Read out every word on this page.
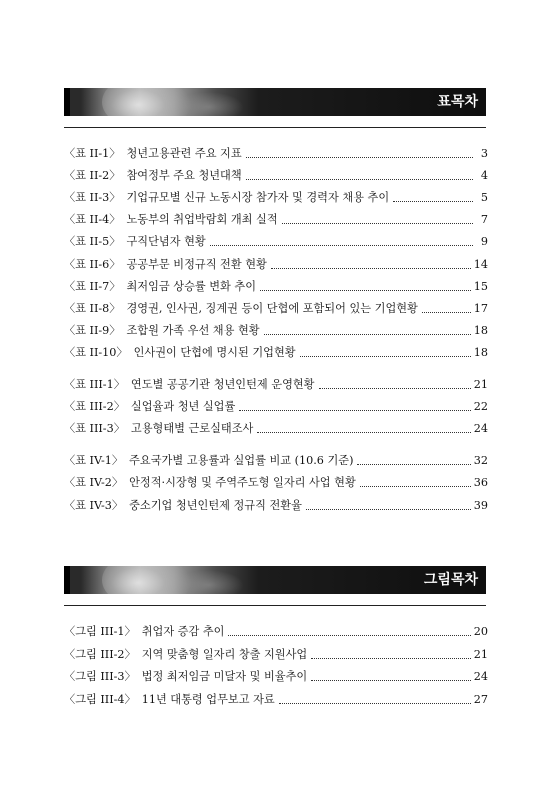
표목차
〈표 II-1〉 청년고용관련 주요 지표	3
〈표 II-2〉 참여정부 주요 청년대책	4
〈표 II-3〉 기업규모별 신규 노동시장 참가자 및 경력자 채용 추이	5
〈표 II-4〉 노동부의 취업박람회 개최 실적	7
〈표 II-5〉 구직단념자 현황	9
〈표 II-6〉 공공부문 비정규직 전환 현황	14
〈표 II-7〉 최저임금 상승률 변화 추이	15
〈표 II-8〉 경영권, 인사권, 징계권 등이 단협에 포함되어 있는 기업현황	17
〈표 II-9〉 조합원 가족 우선 채용 현황	18
〈표 II-10〉 인사권이 단협에 명시된 기업현황	18
〈표 III-1〉 연도별 공공기관 청년인턴제 운영현황	21
〈표 III-2〉 실업율과 청년 실업률	22
〈표 III-3〉 고용형태별 근로실태조사	24
〈표 IV-1〉 주요국가별 고용률과 실업률 비교 (10.6 기준)	32
〈표 IV-2〉 안정적·시장형 및 주역주도형 일자리 사업 현황	36
〈표 IV-3〉 중소기업 청년인턴제 정규직 전환율	39
그림목차
〈그림 III-1〉 취업자 증감 추이	20
〈그림 III-2〉 지역 맞춤형 일자리 창출 지원사업	21
〈그림 III-3〉 법정 최저임금 미달자 및 비율추이	24
〈그림 III-4〉 11년 대통령 업무보고 자료	27
